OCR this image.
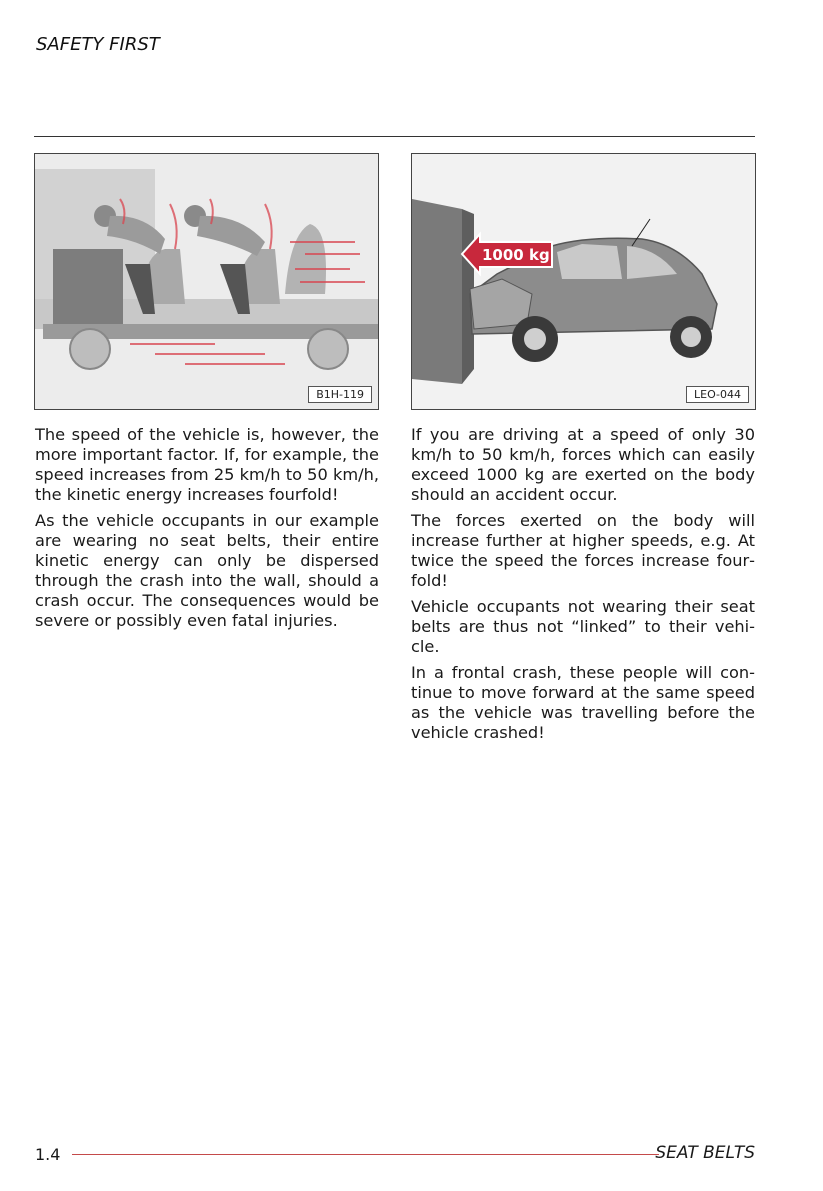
SAFETY FIRST
B1H-119
1000 kg
LEO-044

The speed of the vehicle is, however, the more important factor. If, for example, the speed increases from 25 km/h to 50 km/h, the kinetic energy increases fourfold!

As the vehicle occupants in our example are wearing no seat belts, their entire kinetic energy can only be dispersed through the crash into the wall, should a crash occur. The consequences would be severe or possibly even fatal injuries.

If you are driving at a speed of only 30 km/h to 50 km/h, forces which can easily exceed 1000 kg are exerted on the body should an accident occur.

The forces exerted on the body will increase further at higher speeds, e.g. At twice the speed the forces increase fourfold!

Vehicle occupants not wearing their seat belts are thus not “linked” to their vehicle.

In a frontal crash, these people will continue to move forward at the same speed as the vehicle was travelling before the vehicle crashed!

1.4	SEAT BELTS
